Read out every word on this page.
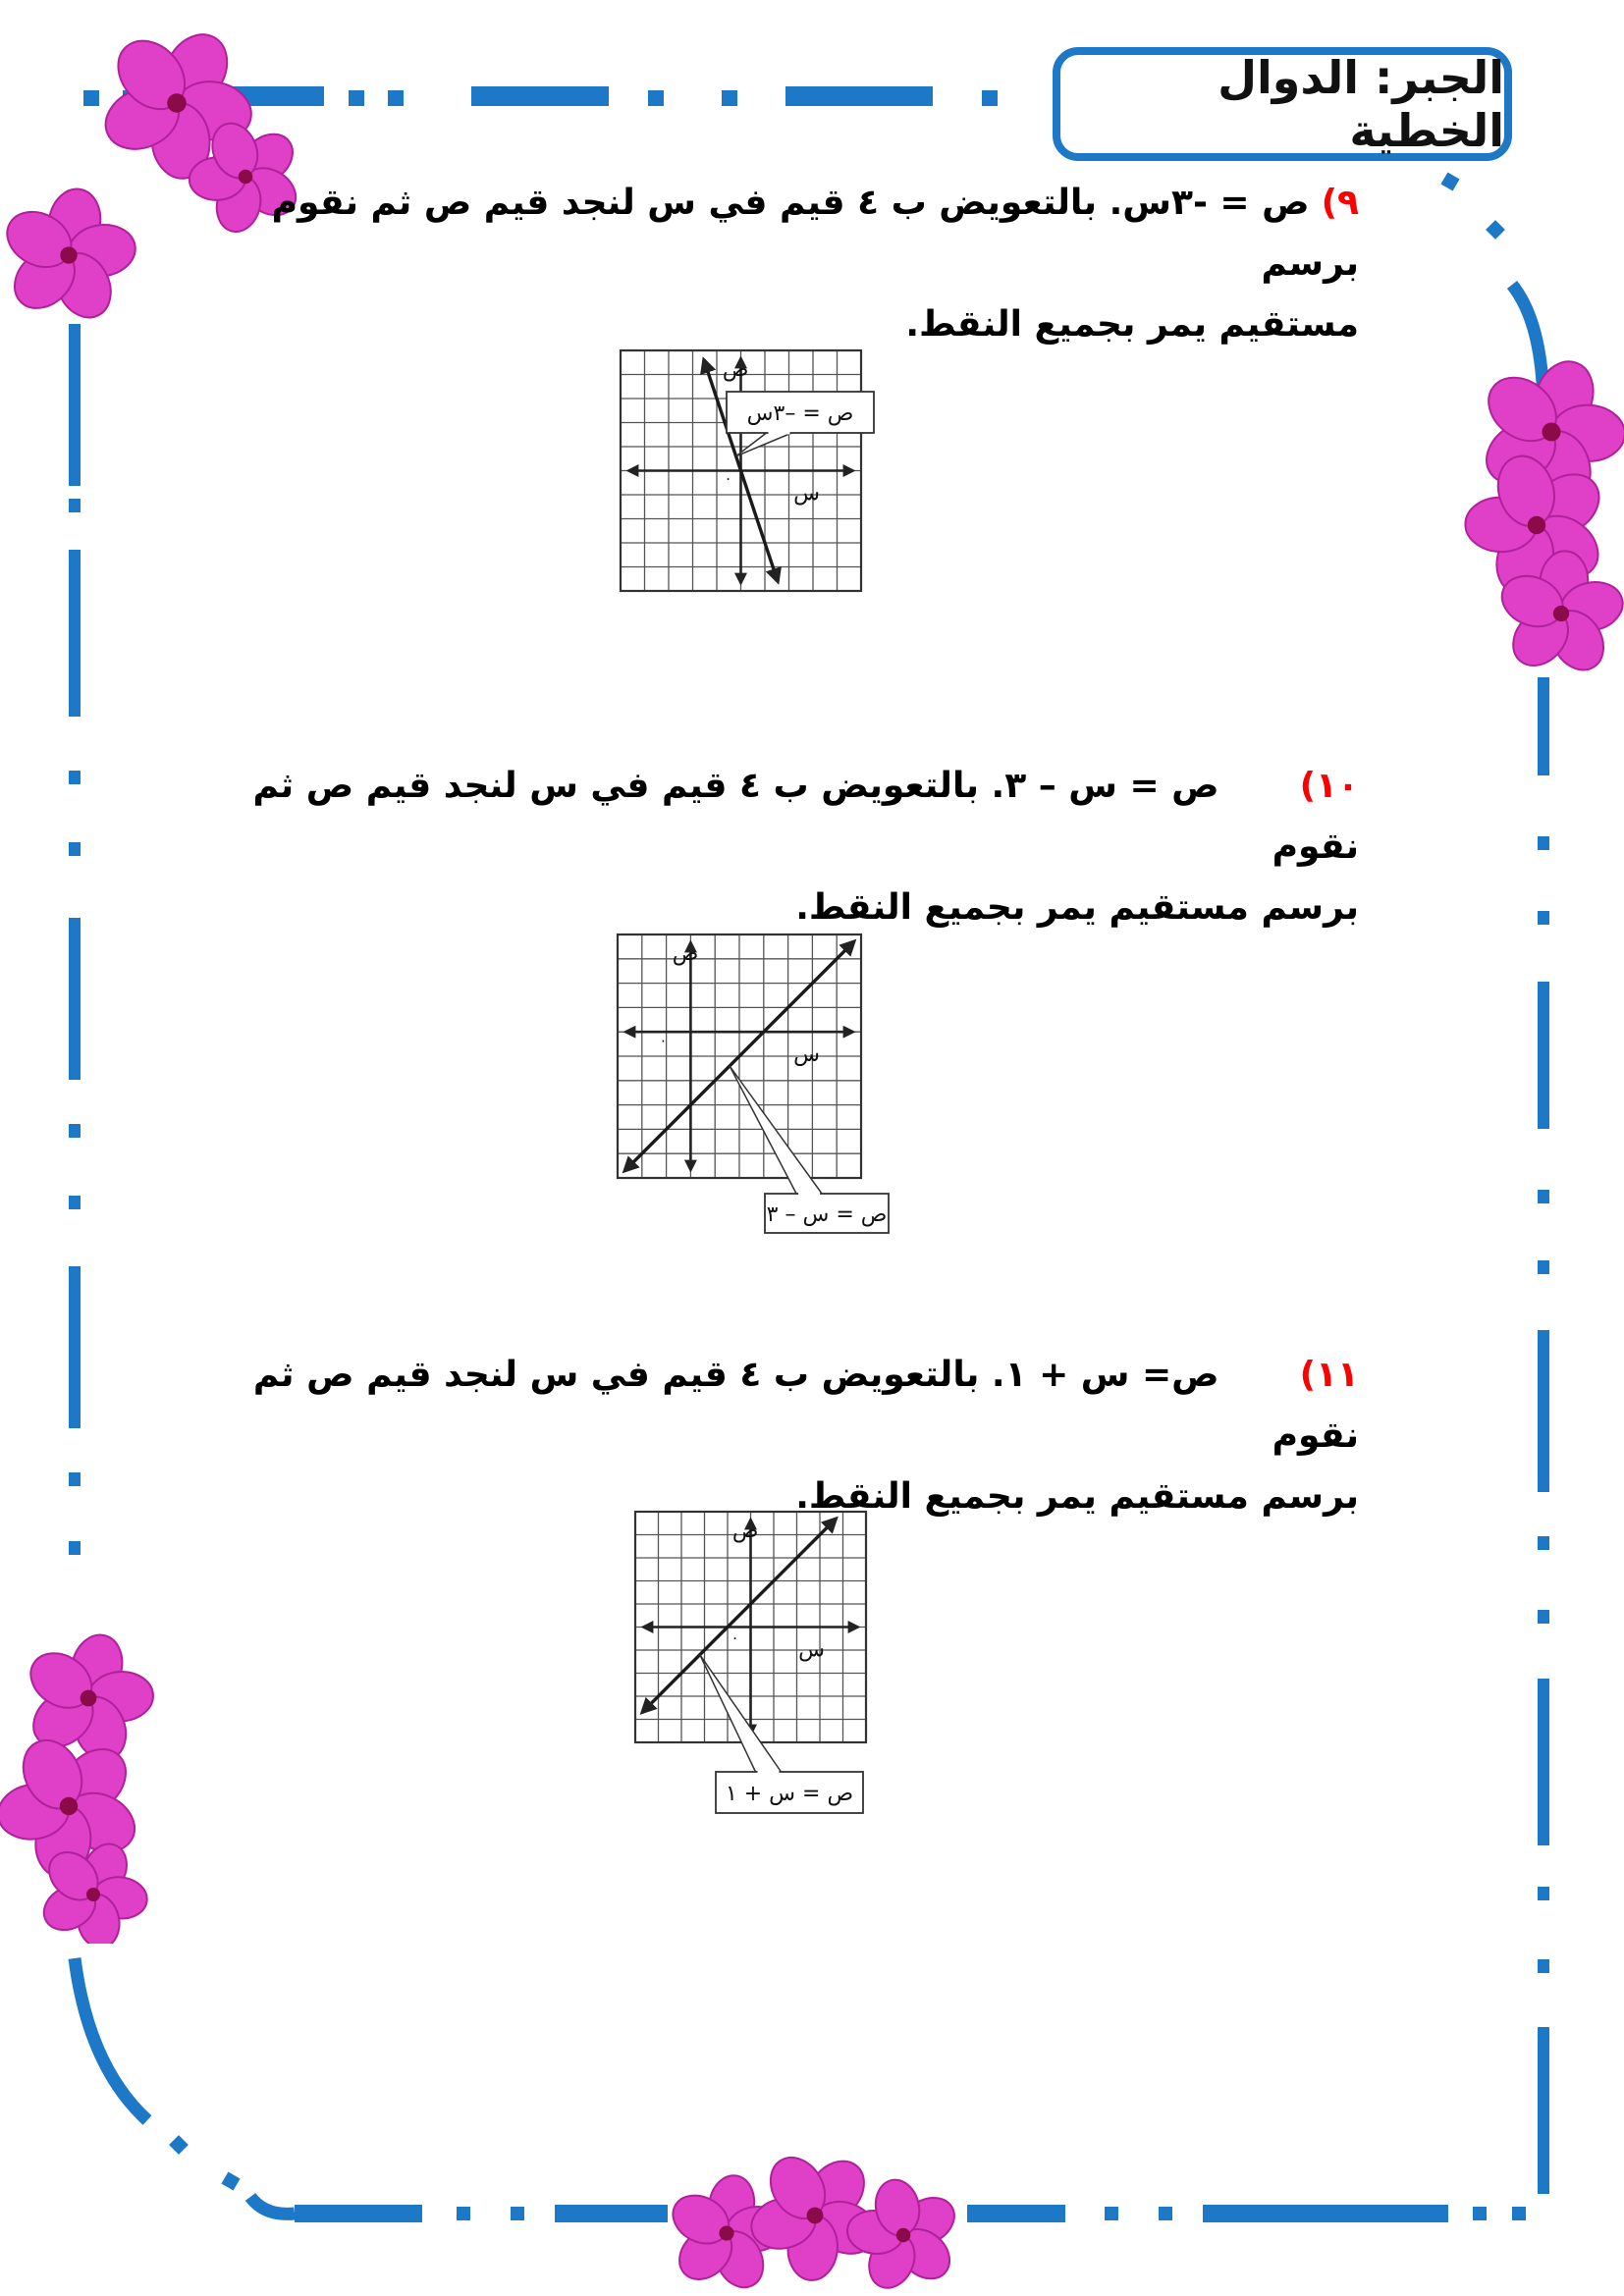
الجبر: الدوال الخطية
٩)ص = -٣س. بالتعويض ب ٤ قيم في س لنجد قيم ص ثم نقوم برسم
مستقيم يمر بجميع النقط.
١٠)ص = س – ٣. بالتعويض ب ٤ قيم في س لنجد قيم ص ثم نقوم
برسم مستقيم يمر بجميع النقط.
١١)ص= س + ١. بالتعويض ب ٤ قيم في س لنجد قيم ص ثم نقوم
برسم مستقيم يمر بجميع النقط.
س
ص
٠
ص = –٣س
س
ص
٠
ص = س – ٣
س
ص
٠
ص = س + ١
